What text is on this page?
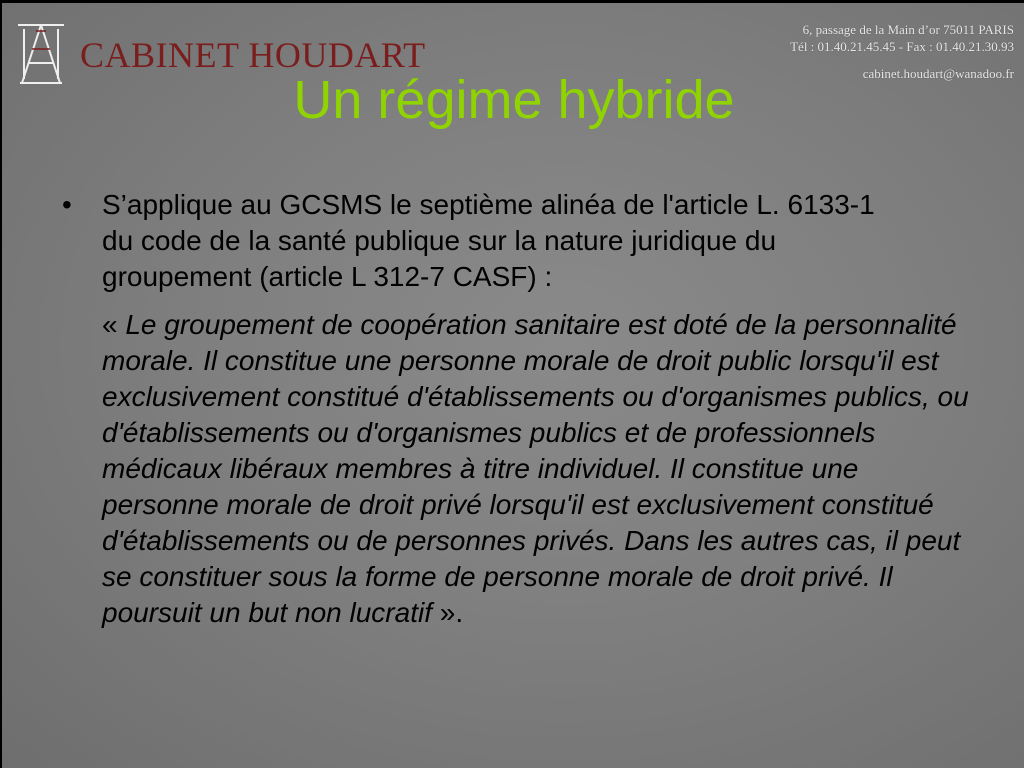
CABINET HOUDART
6, passage de la Main d’or 75011 PARIS
Tél : 01.40.21.45.45 - Fax : 01.40.21.30.93
cabinet.houdart@wanadoo.fr
Un régime hybride
•	S’applique au GCSMS le septième alinéa de l'article L. 6133-1 du code de la santé publique sur la nature juridique du groupement (article L 312-7 CASF) :
« Le groupement de coopération sanitaire est doté de la personnalité morale. Il constitue une personne morale de droit public lorsqu'il est exclusivement constitué d'établissements ou d'organismes publics, ou d'établissements ou d'organismes publics et de professionnels médicaux libéraux membres à titre individuel. Il constitue une personne morale de droit privé lorsqu'il est exclusivement constitué d'établissements ou de personnes privés. Dans les autres cas, il peut se constituer sous la forme de personne morale de droit privé. Il poursuit un but non lucratif ».
